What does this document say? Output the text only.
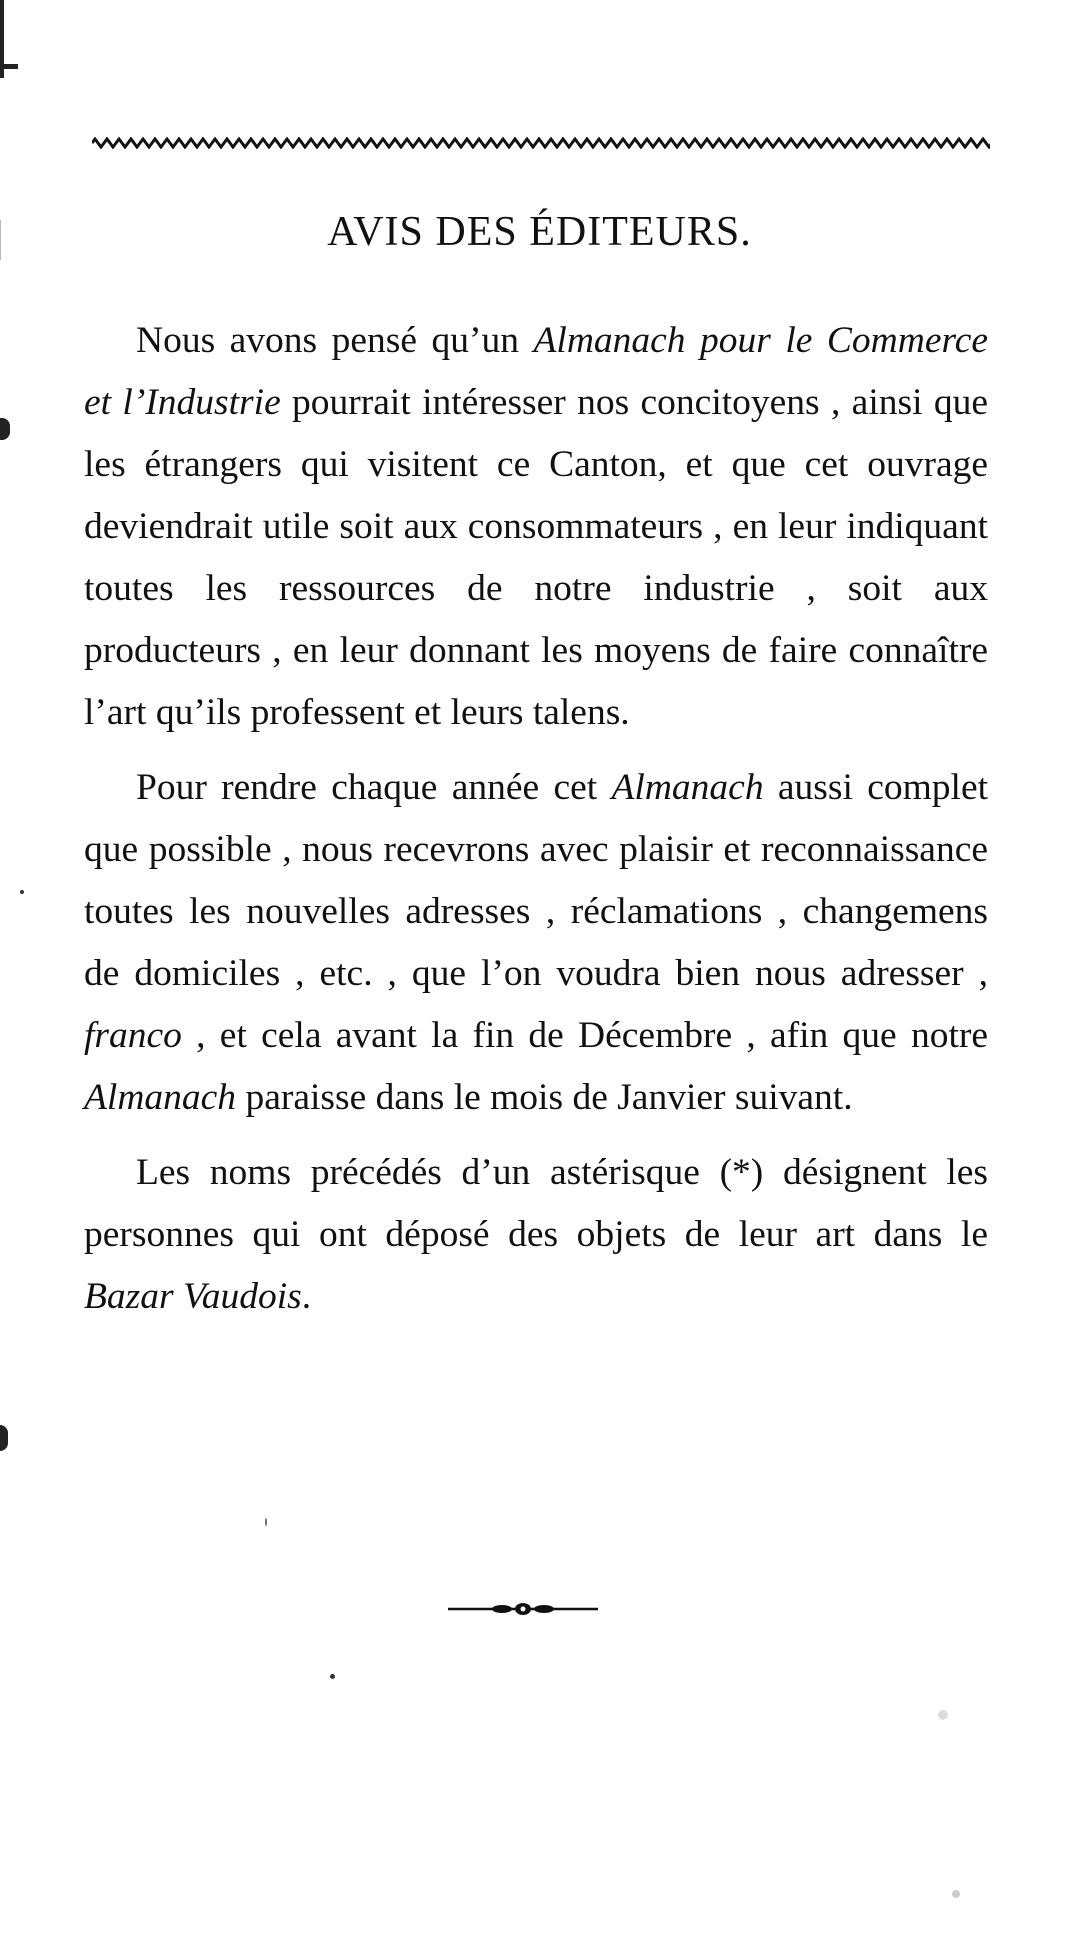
AVIS DES ÉDITEURS.

Nous avons pensé qu’un Almanach pour le Commerce et l’Industrie pourrait intéresser nos concitoyens , ainsi que les étrangers qui visitent ce Canton, et que cet ouvrage deviendrait utile soit aux consommateurs , en leur indiquant toutes les ressources de notre industrie , soit aux producteurs , en leur donnant les moyens de faire connaître l’art qu’ils professent et leurs talens.

Pour rendre chaque année cet Almanach aussi complet que possible , nous recevrons avec plaisir et reconnaissance toutes les nouvelles adresses , réclamations , changemens de domiciles , etc. , que l’on voudra bien nous adresser , franco , et cela avant la fin de Décembre , afin que notre Almanach paraisse dans le mois de Janvier suivant.

Les noms précédés d’un astérisque (*) désignent les personnes qui ont déposé des objets de leur art dans le Bazar Vaudois.
